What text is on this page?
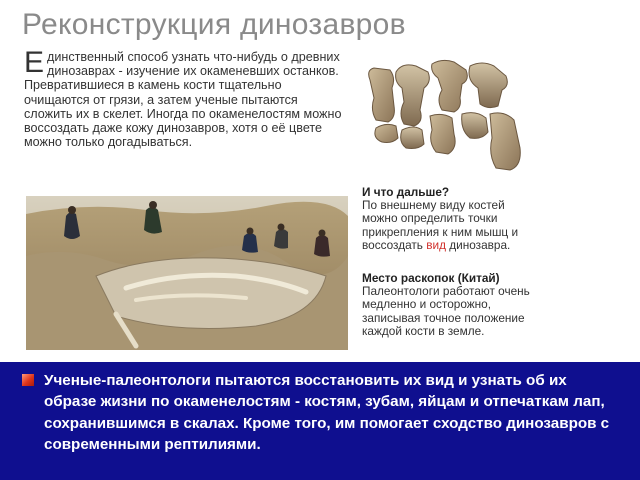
Реконструкция динозавров
Единственный способ узнать что-нибудь о древних динозаврах - изучение их окаменевших останков. Превратившиеся в камень кости тщательно очищаются от грязи, а затем ученые пытаются сложить их в скелет. Иногда по окаменелостям можно воссоздать даже кожу динозавров, хотя о её цвете можно только догадываться.
И что дальше?
По внешнему виду костей можно определить точки прикрепления к ним мышц и воссоздать вид динозавра.
Место раскопок (Китай)
Палеонтологи работают очень медленно и осторожно, записывая точное положение каждой кости в земле.
Ученые-палеонтологи пытаются восстановить их вид и узнать об их образе жизни по окаменелостям - костям, зубам, яйцам и отпечаткам лап, сохранившимся в скалах. Кроме того, им помогает сходство динозавров с современными рептилиями.
